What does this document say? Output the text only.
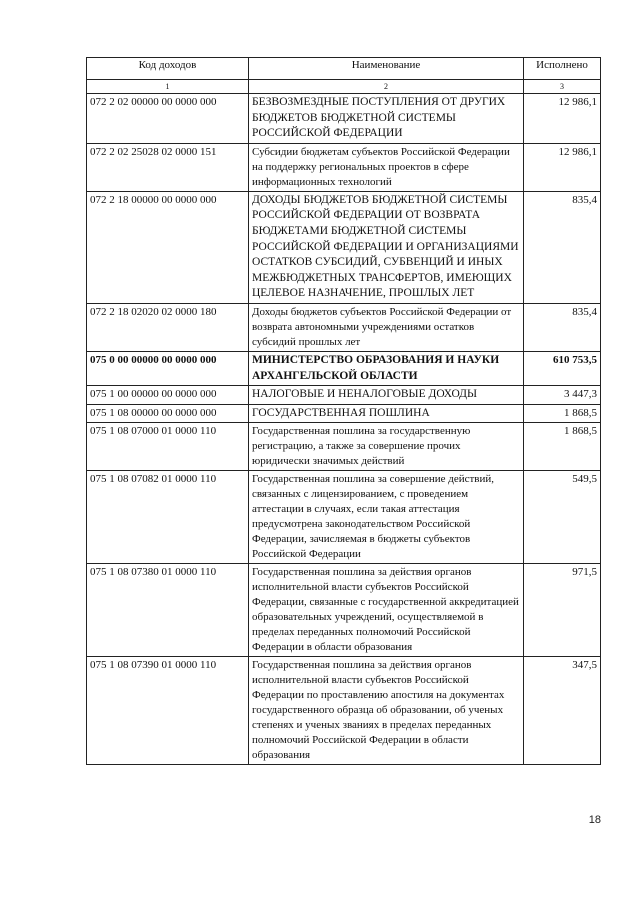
Код доходов	Наименование	Исполнено
1	2	3
072 2 02 00000 00 0000 000	БЕЗВОЗМЕЗДНЫЕ ПОСТУПЛЕНИЯ ОТ ДРУГИХ БЮДЖЕТОВ БЮДЖЕТНОЙ СИСТЕМЫ РОССИЙСКОЙ ФЕДЕРАЦИИ	12 986,1
072 2 02 25028 02 0000 151	Субсидии бюджетам субъектов Российской Федерации на поддержку региональных проектов в сфере информационных технологий	12 986,1
072 2 18 00000 00 0000 000	ДОХОДЫ БЮДЖЕТОВ БЮДЖЕТНОЙ СИСТЕМЫ РОССИЙСКОЙ ФЕДЕРАЦИИ ОТ ВОЗВРАТА БЮДЖЕТАМИ БЮДЖЕТНОЙ СИСТЕМЫ РОССИЙСКОЙ ФЕДЕРАЦИИ И ОРГАНИЗАЦИЯМИ ОСТАТКОВ СУБСИДИЙ, СУБВЕНЦИЙ И ИНЫХ МЕЖБЮДЖЕТНЫХ ТРАНСФЕРТОВ, ИМЕЮЩИХ ЦЕЛЕВОЕ НАЗНАЧЕНИЕ, ПРОШЛЫХ ЛЕТ	835,4
072 2 18 02020 02 0000 180	Доходы бюджетов субъектов Российской Федерации от возврата автономными учреждениями остатков субсидий прошлых лет	835,4
075 0 00 00000 00 0000 000	МИНИСТЕРСТВО ОБРАЗОВАНИЯ И НАУКИ АРХАНГЕЛЬСКОЙ ОБЛАСТИ	610 753,5
075 1 00 00000 00 0000 000	НАЛОГОВЫЕ И НЕНАЛОГОВЫЕ ДОХОДЫ	3 447,3
075 1 08 00000 00 0000 000	ГОСУДАРСТВЕННАЯ ПОШЛИНА	1 868,5
075 1 08 07000 01 0000 110	Государственная пошлина за государственную регистрацию, а также за совершение прочих юридически значимых действий	1 868,5
075 1 08 07082 01 0000 110	Государственная пошлина за совершение действий, связанных с лицензированием, с проведением аттестации в случаях, если такая аттестация предусмотрена законодательством Российской Федерации, зачисляемая в бюджеты субъектов Российской Федерации	549,5
075 1 08 07380 01 0000 110	Государственная пошлина за действия органов исполнительной власти субъектов Российской Федерации, связанные с государственной аккредитацией образовательных учреждений, осуществляемой в пределах переданных полномочий Российской Федерации в области образования	971,5
075 1 08 07390 01 0000 110	Государственная пошлина за действия органов исполнительной власти субъектов Российской Федерации по проставлению апостиля на документах государственного образца об образовании, об ученых степенях и ученых званиях в пределах переданных полномочий Российской Федерации в области образования	347,5
18
